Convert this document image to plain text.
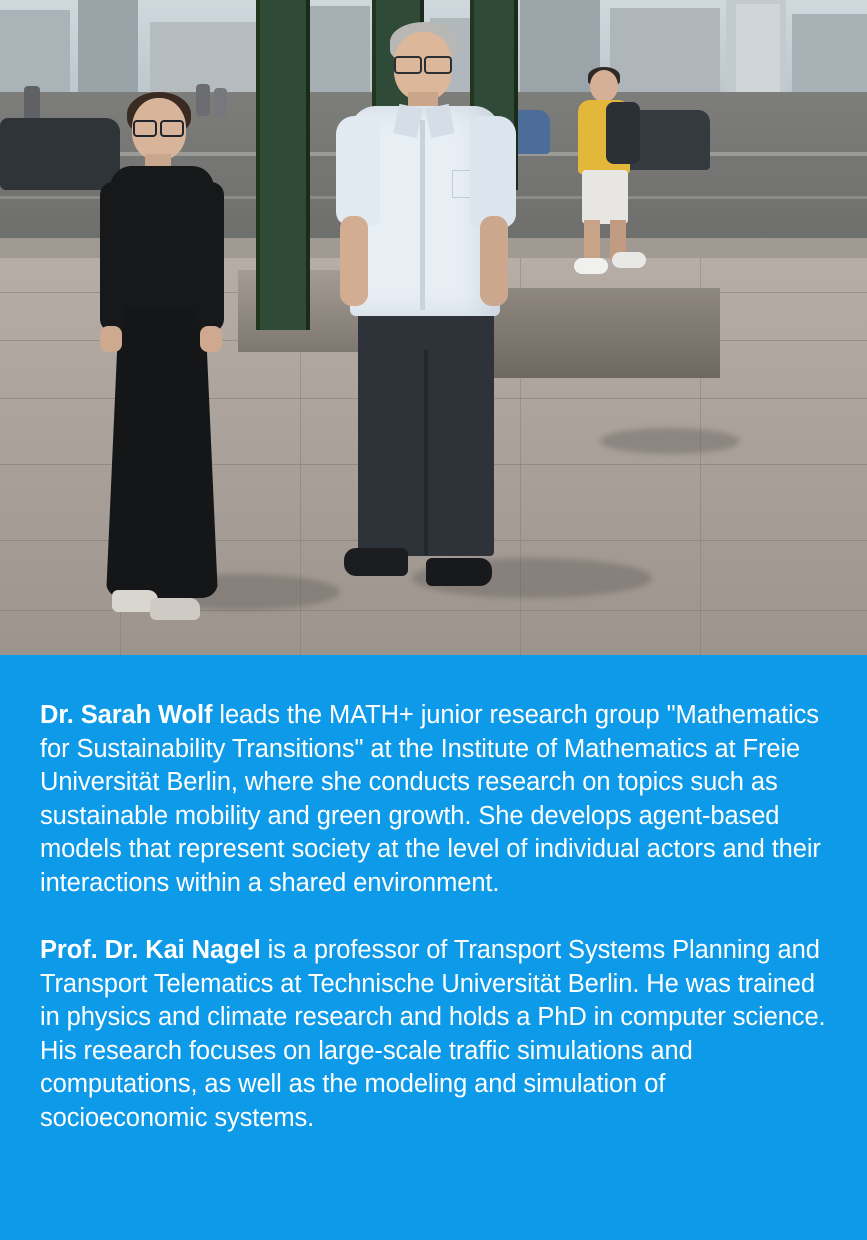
Dr. Sarah Wolf leads the MATH+ junior research group "Mathematics for Sustainability Transitions" at the Institute of Mathematics at Freie Universität Berlin, where she conducts research on topics such as sustainable mobility and green growth. She develops agent-based models that represent society at the level of individual actors and their interactions within a shared environment.

Prof. Dr. Kai Nagel is a professor of Transport Systems Planning and Transport Telematics at Technische Universität Berlin. He was trained in physics and climate research and holds a PhD in computer science. His research focuses on large-scale traffic simulations and computations, as well as the modeling and simulation of socioeconomic systems.
